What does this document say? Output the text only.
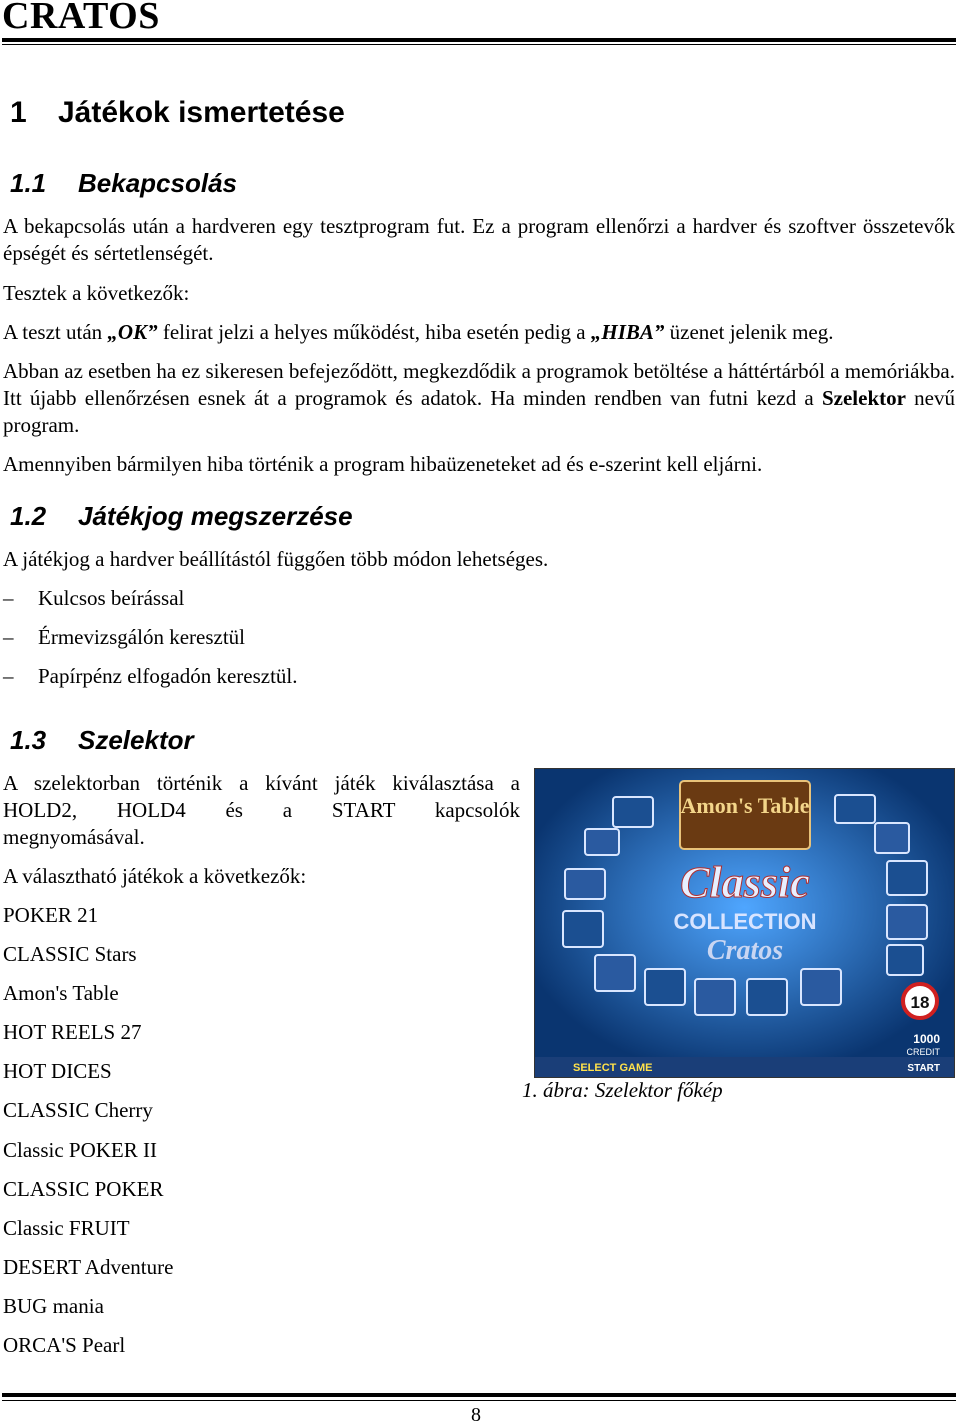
CRATOS
1 Játékok ismertetése
1.1 Bekapcsolás
A bekapcsolás után a hardveren egy tesztprogram fut. Ez a program ellenőrzi a hardver és szoftver összetevők épségét és sértetlenségét.
Tesztek a következők:
A teszt után „OK” felirat jelzi a helyes működést, hiba esetén pedig a „HIBA” üzenet jelenik meg.
Abban az esetben ha ez sikeresen befejeződött, megkezdődik a programok betöltése a háttértárból a memóriákba. Itt újabb ellenőrzésen esnek át a programok és adatok. Ha minden rendben van futni kezd a Szelektor nevű program.
Amennyiben bármilyen hiba történik a program hibaüzeneteket ad és e-szerint kell eljárni.
1.2 Játékjog megszerzése
A játékjog a hardver beállítástól függően több módon lehetséges.
– Kulcsos beírással
– Érmevizsgálón keresztül
– Papírpénz elfogadón keresztül.
1.3 Szelektor
A szelektorban történik a kívánt játék kiválasztása a
HOLD2, HOLD4 és a START kapcsolók
megnyomásával.
A választható játékok a következők:
POKER 21
CLASSIC Stars
Amon's Table
HOT REELS 27
HOT DICES
CLASSIC Cherry
Classic POKER II
CLASSIC POKER
Classic FRUIT
DESERT Adventure
BUG mania
ORCA'S Pearl
Amon's Table
Classic
COLLECTION
Cratos
18
SELECT GAME
1000
CREDIT
START
1. ábra: Szelektor főkép
8
